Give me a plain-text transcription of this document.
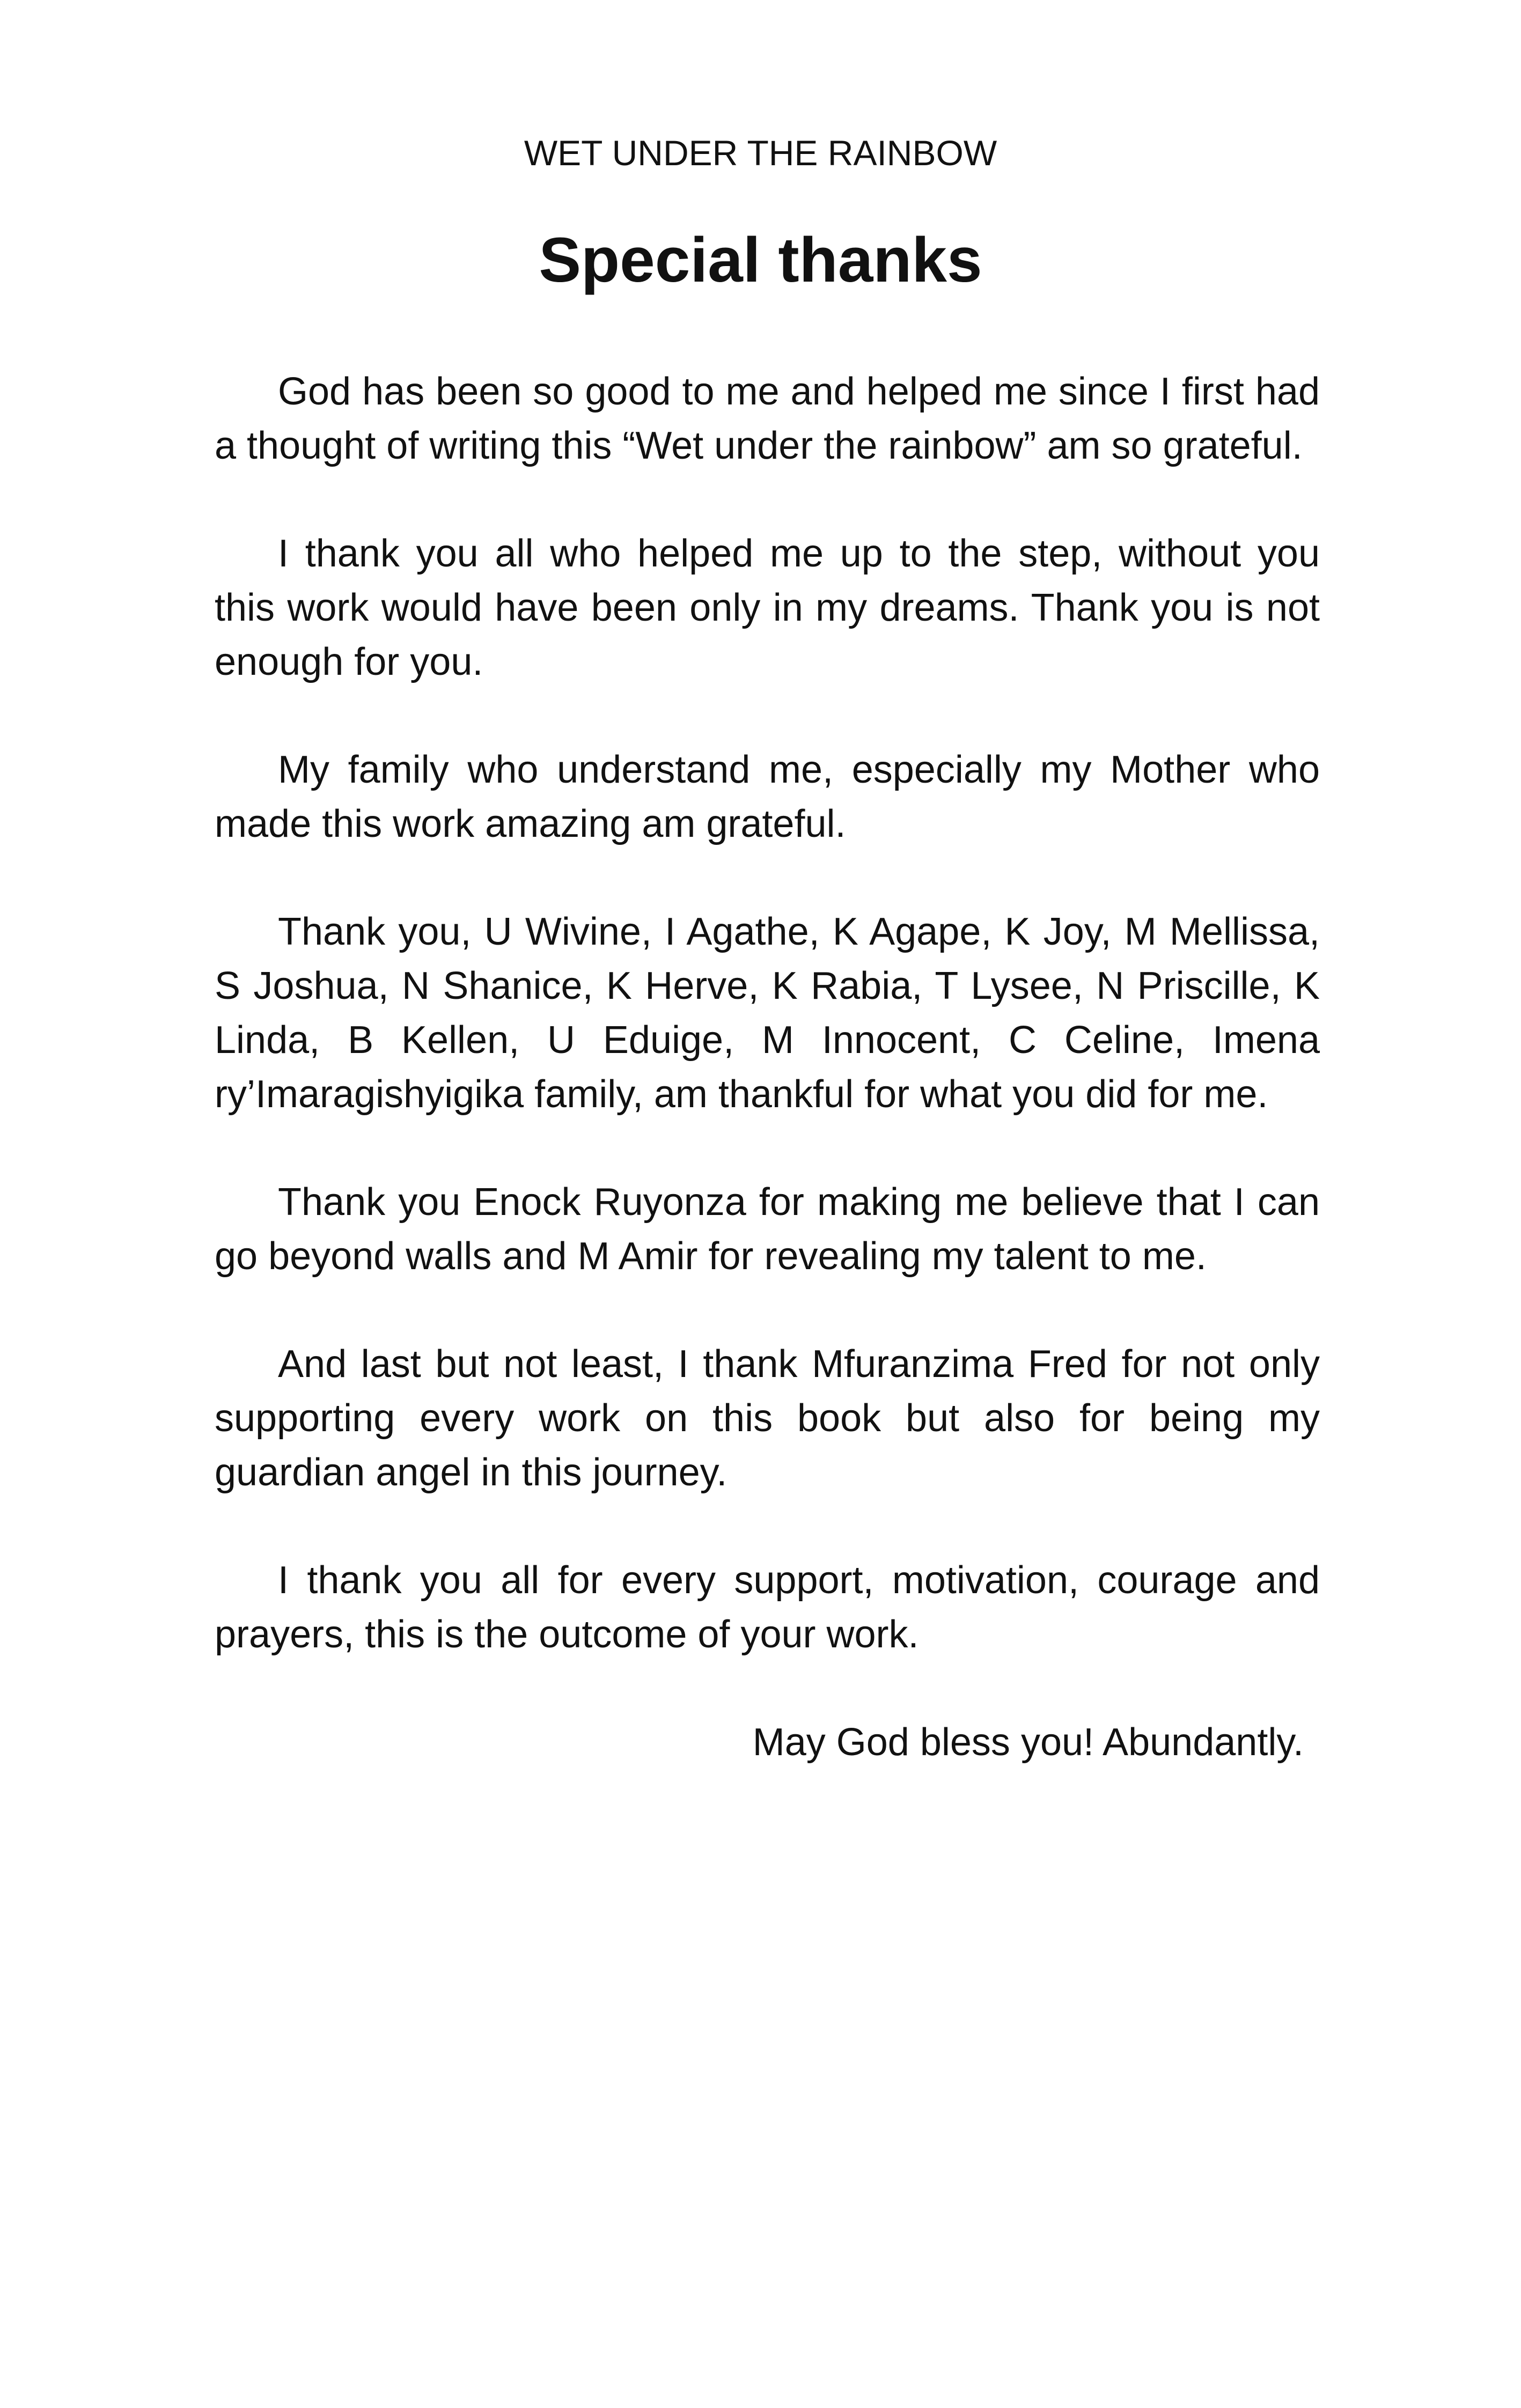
WET UNDER THE RAINBOW
Special thanks

God has been so good to me and helped me since I first had a thought of writing this “Wet under the rainbow” am so grateful.

I thank you all who helped me up to the step, without you this work would have been only in my dreams. Thank you is not enough for you.

My family who understand me, especially my Mother who made this work amazing am grateful.

Thank you, U Wivine, I Agathe, K Agape, K Joy, M Mellissa, S Joshua, N Shanice, K Herve, K Rabia, T Lysee, N Priscille, K Linda, B Kellen, U Eduige, M Innocent, C Celine, Imena ry’Imaragishyigika family, am thankful for what you did for me.

Thank you Enock Ruyonza for making me believe that I can go beyond walls and M Amir for revealing my talent to me.

And last but not least, I thank Mfuranzima Fred for not only supporting every work on this book but also for being my guardian angel in this journey.

I thank you all for every support, motivation, courage and prayers, this is the outcome of your work.

May God bless you! Abundantly.
